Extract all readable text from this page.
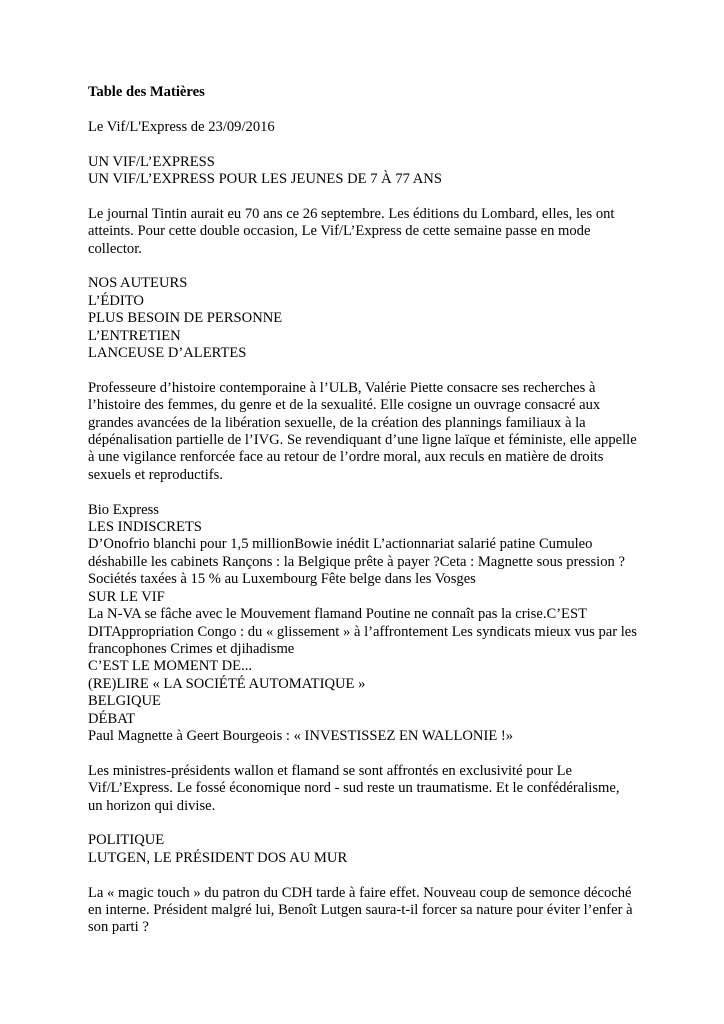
Table des Matières
Le Vif/L'Express de 23/09/2016
UN VIF/L’EXPRESS
UN VIF/L’EXPRESS POUR LES JEUNES DE 7 À 77 ANS
Le journal Tintin aurait eu 70 ans ce 26 septembre. Les éditions du Lombard, elles, les ont
atteints. Pour cette double occasion, Le Vif/L’Express de cette semaine passe en mode
collector.
NOS AUTEURS
L’ÉDITO
PLUS BESOIN DE PERSONNE
L’ENTRETIEN
LANCEUSE D’ALERTES
Professeure d’histoire contemporaine à l’ULB, Valérie Piette consacre ses recherches à
l’histoire des femmes, du genre et de la sexualité. Elle cosigne un ouvrage consacré aux
grandes avancées de la libération sexuelle, de la création des plannings familiaux à la
dépénalisation partielle de l’IVG. Se revendiquant d’une ligne laïque et féministe, elle appelle
à une vigilance renforcée face au retour de l’ordre moral, aux reculs en matière de droits
sexuels et reproductifs.
Bio Express
LES INDISCRETS
D’Onofrio blanchi pour 1,5 millionBowie inédit L’actionnariat salarié patine Cumuleo
déshabille les cabinets Rançons : la Belgique prête à payer ?Ceta : Magnette sous pression ?
Sociétés taxées à 15 % au Luxembourg Fête belge dans les Vosges
SUR LE VIF
La N-VA se fâche avec le Mouvement flamand Poutine ne connaît pas la crise.C’EST
DITAppropriation Congo : du « glissement » à l’affrontement Les syndicats mieux vus par les
francophones Crimes et djihadisme
C’EST LE MOMENT DE...
(RE)LIRE « LA SOCIÉTÉ AUTOMATIQUE »
BELGIQUE
DÉBAT
Paul Magnette à Geert Bourgeois : « INVESTISSEZ EN WALLONIE !»
Les ministres-présidents wallon et flamand se sont affrontés en exclusivité pour Le
Vif/L’Express. Le fossé économique nord - sud reste un traumatisme. Et le confédéralisme,
un horizon qui divise.
POLITIQUE
LUTGEN, LE PRÉSIDENT DOS AU MUR
La « magic touch » du patron du CDH tarde à faire effet. Nouveau coup de semonce décoché
en interne. Président malgré lui, Benoît Lutgen saura-t-il forcer sa nature pour éviter l’enfer à
son parti ?
